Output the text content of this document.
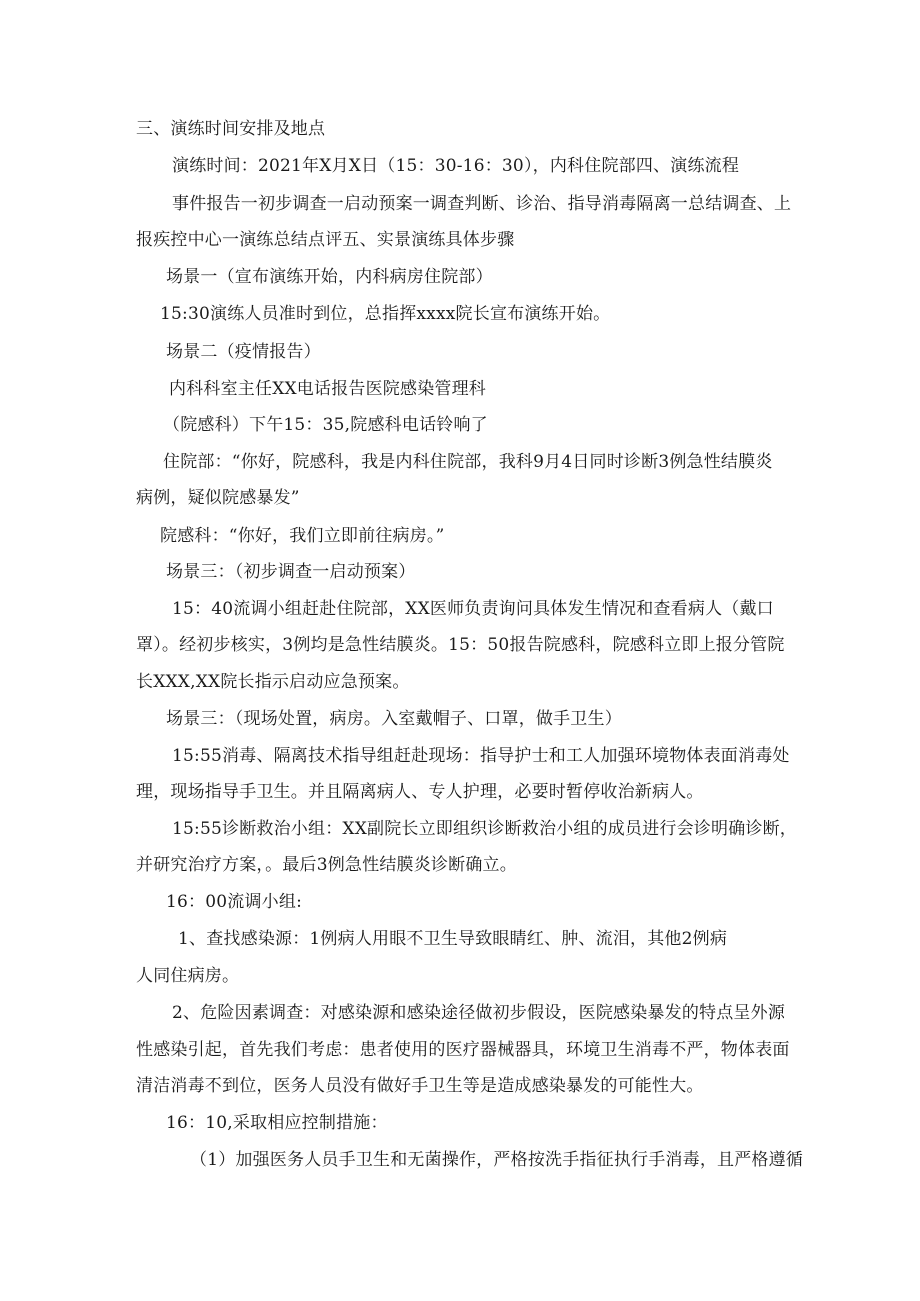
三、演练时间安排及地点
演练时间：2021年X月X日（15：30-16：30），内科住院部四、演练流程
事件报告一初步调查一启动预案一调查判断、诊治、指导消毒隔离一总结调查、上
报疾控中心一演练总结点评五、实景演练具体步骤
场景一（宣布演练开始，内科病房住院部）
15:30演练人员准时到位，总指挥xxxx院长宣布演练开始。
场景二（疫情报告）
内科科室主任XX电话报告医院感染管理科
（院感科）下午15：35,院感科电话铃响了
住院部：“你好，院感科，我是内科住院部，我科9月4日同时诊断3例急性结膜炎
病例，疑似院感暴发”
院感科：“你好，我们立即前往病房。”
场景三：（初步调查一启动预案）
15：40流调小组赶赴住院部，XX医师负责询问具体发生情况和查看病人（戴口
罩）。经初步核实，3例均是急性结膜炎。15：50报告院感科，院感科立即上报分管院
长XXX,XX院长指示启动应急预案。
场景三：（现场处置，病房。入室戴帽子、口罩，做手卫生）
15:55消毒、隔离技术指导组赶赴现场：指导护士和工人加强环境物体表面消毒处
理，现场指导手卫生。并且隔离病人、专人护理，必要时暂停收治新病人。
15:55诊断救治小组：XX副院长立即组织诊断救治小组的成员进行会诊明确诊断，
并研究治疗方案，。最后3例急性结膜炎诊断确立。
16：00流调小组:
1、查找感染源：1例病人用眼不卫生导致眼睛红、肿、流泪，其他2例病
人同住病房。
2、危险因素调查：对感染源和感染途径做初步假设，医院感染暴发的特点呈外源
性感染引起，首先我们考虑：患者使用的医疗器械器具，环境卫生消毒不严，物体表面
清洁消毒不到位，医务人员没有做好手卫生等是造成感染暴发的可能性大。
16：10,采取相应控制措施：
（1）加强医务人员手卫生和无菌操作，严格按洗手指征执行手消毒，且严格遵循
